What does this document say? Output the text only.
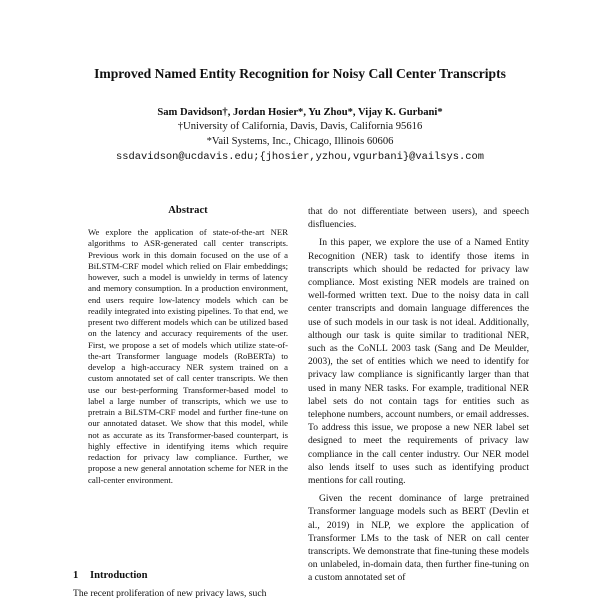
Improved Named Entity Recognition for Noisy Call Center Transcripts
Sam Davidson†, Jordan Hosier*, Yu Zhou*, Vijay K. Gurbani*
†University of California, Davis, Davis, California 95616
*Vail Systems, Inc., Chicago, Illinois 60606
ssdavidson@ucdavis.edu;{jhosier,yzhou,vgurbani}@vailsys.com
Abstract

We explore the application of state-of-the-art NER algorithms to ASR-generated call center transcripts. Previous work in this domain focused on the use of a BiLSTM-CRF model which relied on Flair embeddings; however, such a model is unwieldy in terms of latency and memory consumption. In a production environment, end users require low-latency models which can be readily integrated into existing pipelines. To that end, we present two different models which can be utilized based on the latency and accuracy requirements of the user. First, we propose a set of models which utilize state-of-the-art Transformer language models (RoBERTa) to develop a high-accuracy NER system trained on a custom annotated set of call center transcripts. We then use our best-performing Transformer-based model to label a large number of transcripts, which we use to pretrain a BiLSTM-CRF model and further fine-tune on our annotated dataset. We show that this model, while not as accurate as its Transformer-based counterpart, is highly effective in identifying items which require redaction for privacy law compliance. Further, we propose a new general annotation scheme for NER in the call-center environment.

1 Introduction

The recent proliferation of new privacy laws, such

that do not differentiate between users), and speech disfluencies.

In this paper, we explore the use of a Named Entity Recognition (NER) task to identify those items in transcripts which should be redacted for privacy law compliance. Most existing NER models are trained on well-formed written text. Due to the noisy data in call center transcripts and domain language differences the use of such models in our task is not ideal. Additionally, although our task is quite similar to traditional NER, such as the CoNLL 2003 task (Sang and De Meulder, 2003), the set of entities which we need to identify for privacy law compliance is significantly larger than that used in many NER tasks. For example, traditional NER label sets do not contain tags for entities such as telephone numbers, account numbers, or email addresses. To address this issue, we propose a new NER label set designed to meet the requirements of privacy law compliance in the call center industry. Our NER model also lends itself to uses such as identifying product mentions for call routing.

Given the recent dominance of large pretrained Transformer language models such as BERT (Devlin et al., 2019) in NLP, we explore the application of Transformer LMs to the task of NER on call center transcripts. We demonstrate that fine-tuning these models on unlabeled, in-domain data, then further fine-tuning on a custom annotated set of
